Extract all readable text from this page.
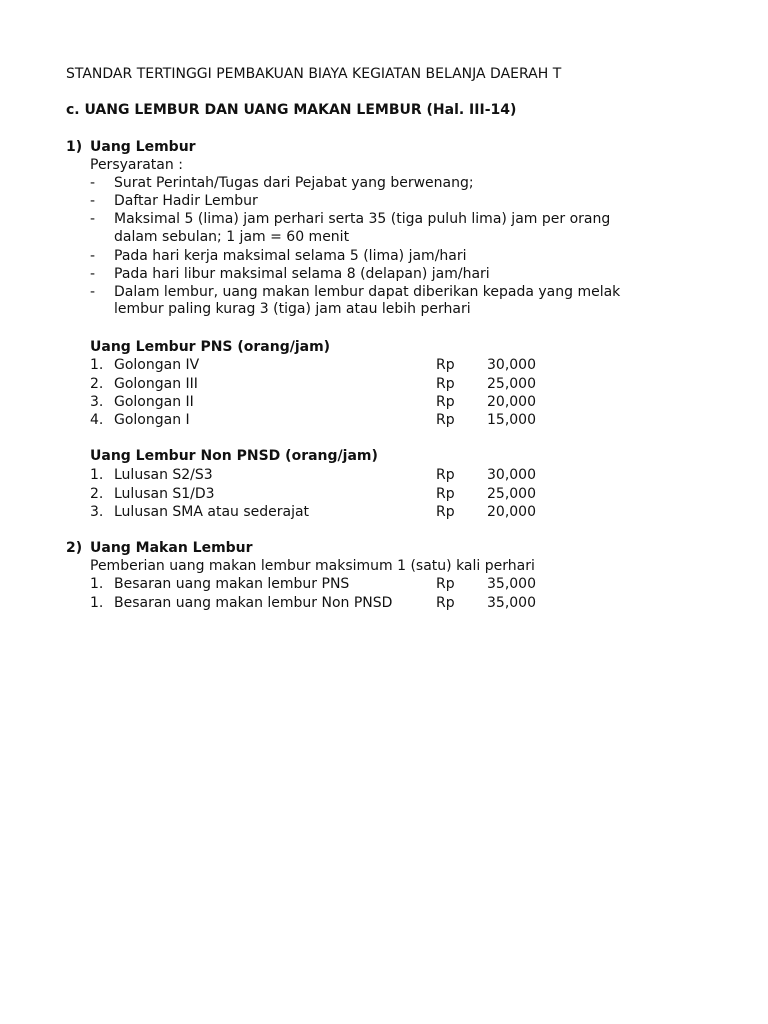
STANDAR TERTINGGI PEMBAKUAN BIAYA KEGIATAN BELANJA DAERAH T
c. UANG LEMBUR DAN UANG MAKAN LEMBUR (Hal. III-14)
1) Uang Lembur
Persyaratan :
- Surat Perintah/Tugas dari Pejabat yang berwenang;
- Daftar Hadir Lembur
- Maksimal 5 (lima) jam perhari serta 35 (tiga puluh lima) jam per orang
dalam sebulan; 1 jam = 60 menit
- Pada hari kerja maksimal selama 5 (lima) jam/hari
- Pada hari libur maksimal selama 8 (delapan) jam/hari
- Dalam lembur, uang makan lembur dapat diberikan kepada yang melak
lembur paling kurag 3 (tiga) jam atau lebih perhari
Uang Lembur PNS (orang/jam)
1. Golongan IV	Rp 30,000
2. Golongan III	Rp 25,000
3. Golongan II	Rp 20,000
4. Golongan I	Rp 15,000
Uang Lembur Non PNSD (orang/jam)
1. Lulusan S2/S3	Rp 30,000
2. Lulusan S1/D3	Rp 25,000
3. Lulusan SMA atau sederajat	Rp 20,000
2) Uang Makan Lembur
Pemberian uang makan lembur maksimum 1 (satu) kali perhari
1. Besaran uang makan lembur PNS	Rp 35,000
1. Besaran uang makan lembur Non PNSD	Rp 35,000
